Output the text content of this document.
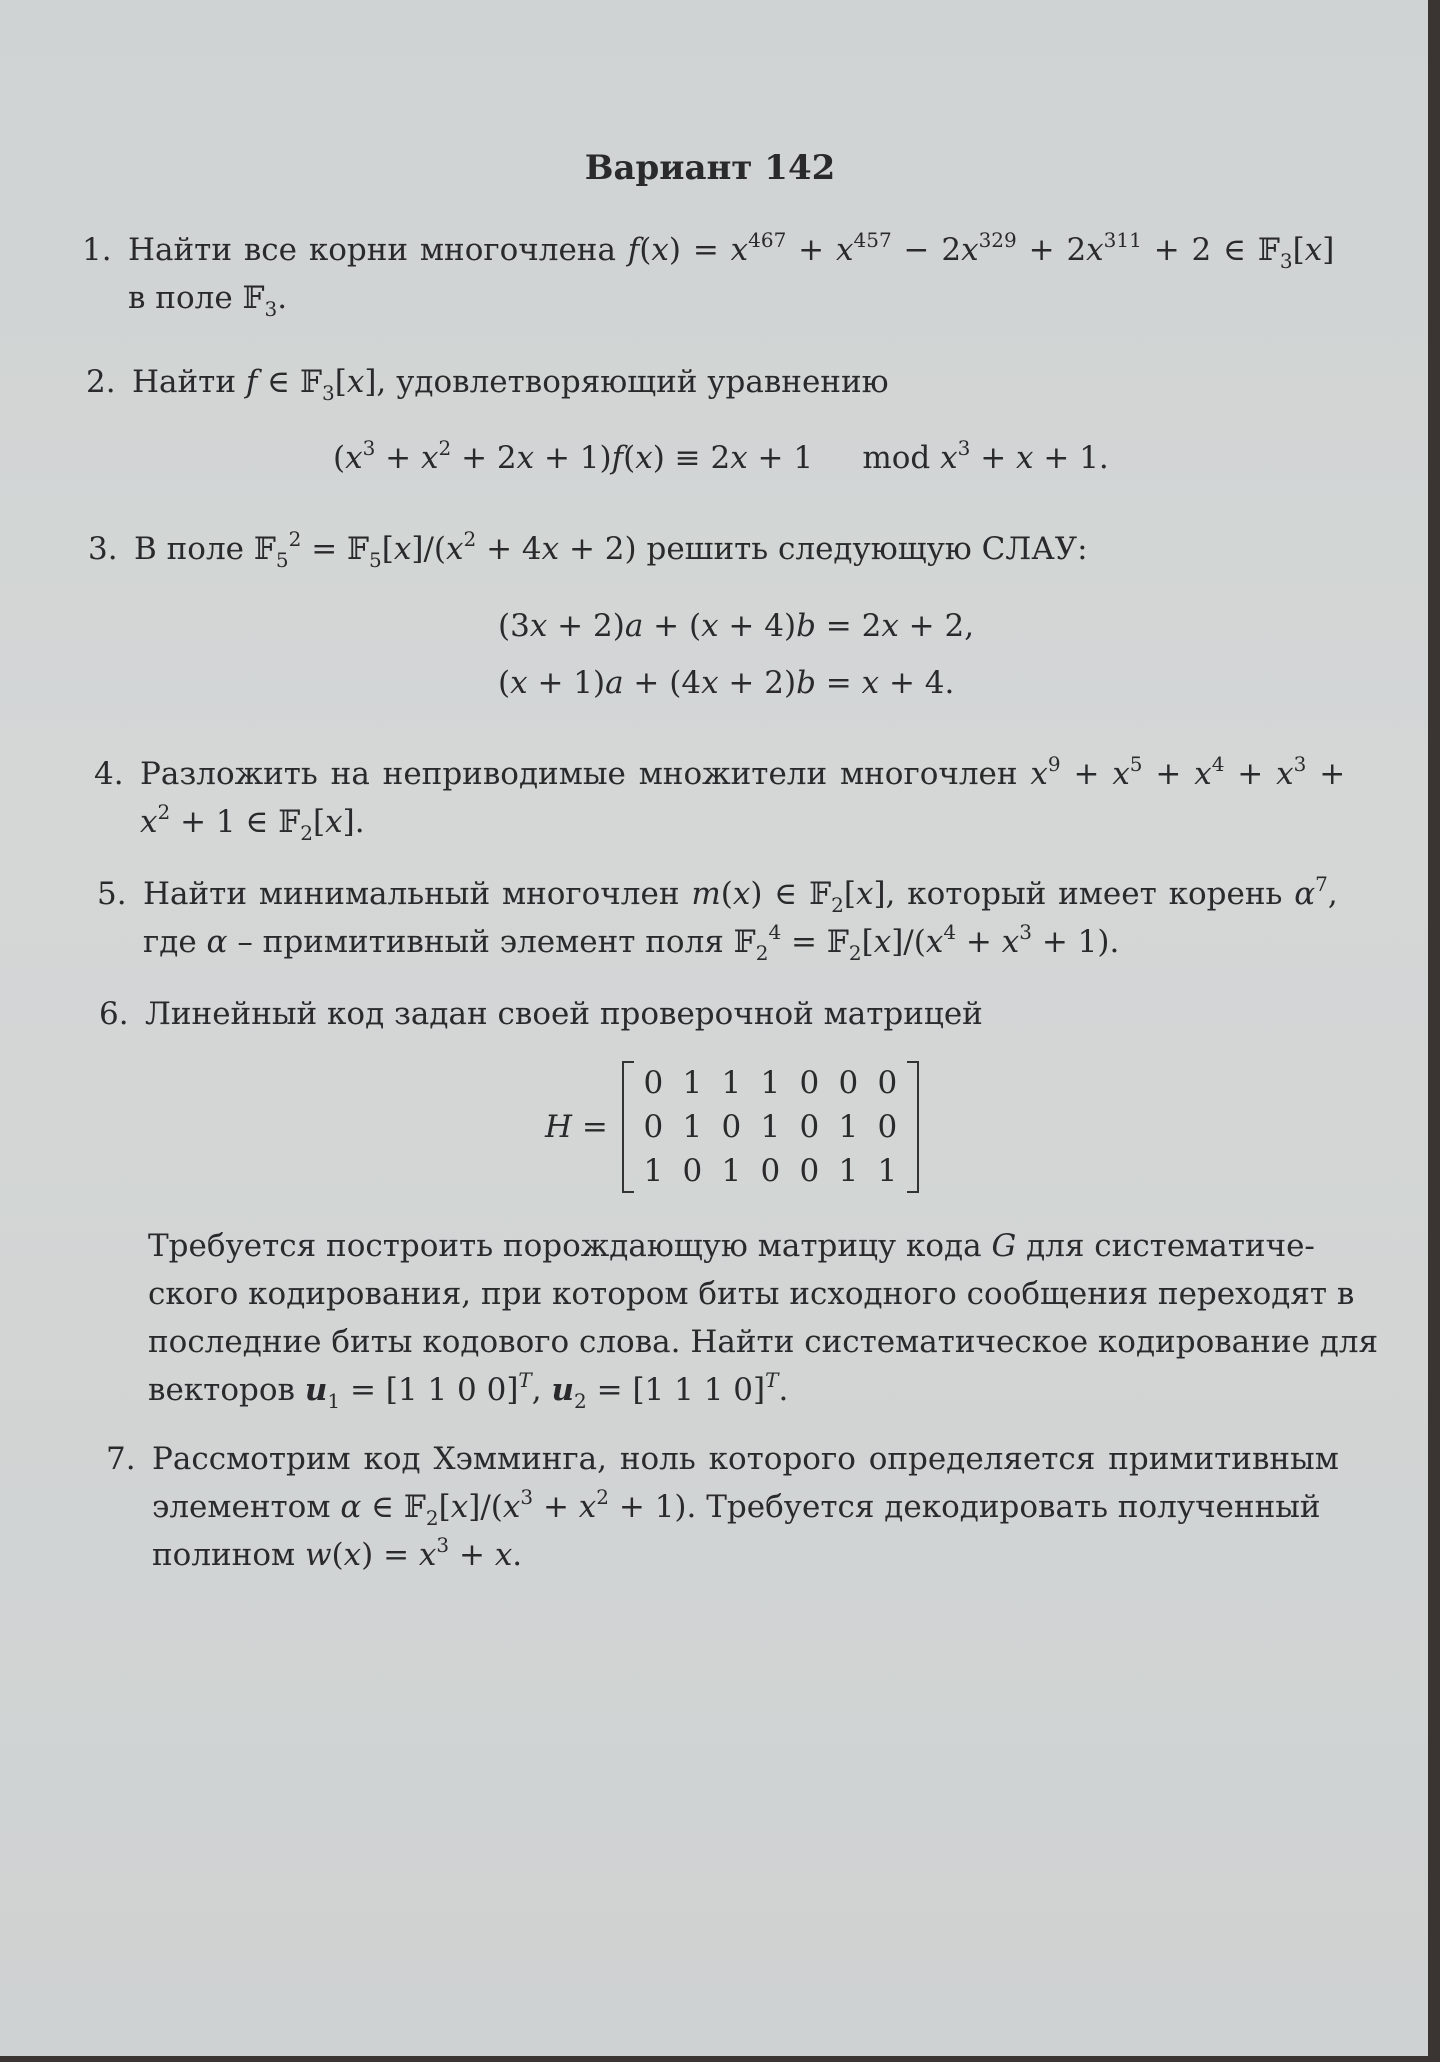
Вариант 142
1. Найти все корни многочлена $f(x) = x^{467} + x^{457} - 2x^{329} + 2x^{311} + 2$ ∈ 𝔽$_3$[x]
в поле 𝔽$_3$.
2. Найти f ∈ 𝔽$_3$[x], удовлетворяющий уравнению
$(x^3 + x^2 + 2x + 1)f(x) \equiv 2x + 1$     mod $x^3 + x + 1$.
3. В поле 𝔽$_5^2$ = $𝔽_5[x]/(x^2 + 4x + 2)$ решить следующую СЛАУ:
(3x + 2)a + (x + 4)b = 2x + 2,
(x + 1)a + (4x + 2)b = x + 4.
4. Разложить на неприводимые множители многочлен $x^9 + x^5 + x^4 + x^3$ +
$x^2 + 1$ ∈ 𝔽$_2$[x].
5. Найти минимальный многочлен m(x) ∈ 𝔽$_2$[x], который имеет корень $\alpha^7$,
где α – примитивный элемент поля 𝔽$_2^4$ = $𝔽_2[x]/(x^4 + x^3 + 1)$.
6. Линейный код задан своей проверочной матрицей
H =
0 1 1 1 0 0 0
0 1 0 1 0 1 0
1 0 1 0 0 1 1
Требуется построить порождающую матрицу кода G для систематиче-
ского кодирования, при котором биты исходного сообщения переходят в
последние биты кодового слова. Найти систематическое кодирование для
векторов $u_1 = [1$ 1 0 0]$^T$, $u_2 = [1$ 1 1 0]$^T$.
7. Рассмотрим код Хэмминга, ноль которого определяется примитивным
элементом α ∈ $𝔽_2[x]/(x^3 + x^2 + 1)$. Требуется декодировать полученный
полином $w(x) = x^3 + x$.
